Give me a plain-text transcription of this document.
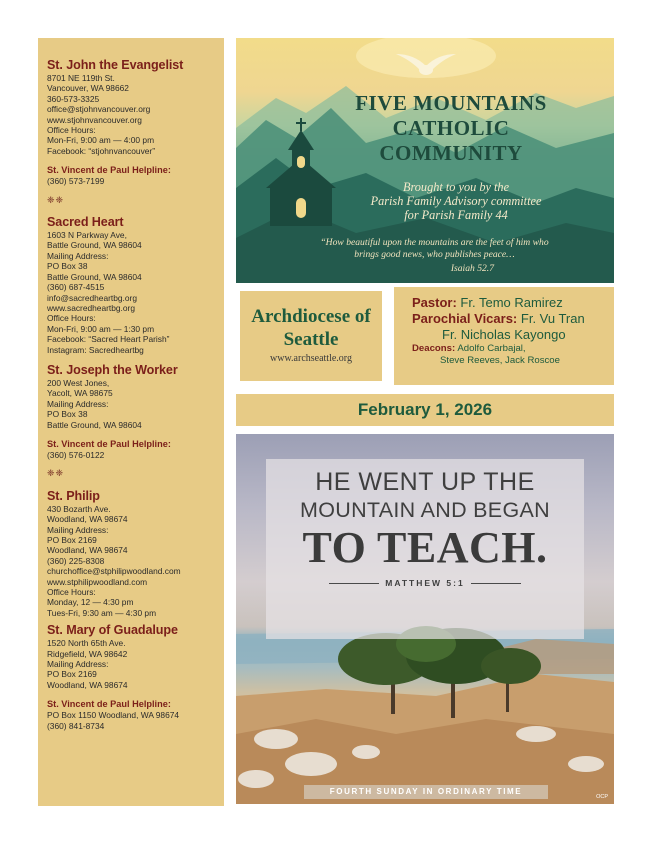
St. John the Evangelist
8701 NE 119th St.
Vancouver, WA 98662
360-573-3325
office@stjohnvancouver.org
www.stjohnvancouver.org
Office Hours:
Mon-Fri, 9:00 am — 4:00 pm
Facebook: “stjohnvancouver”
St. Vincent de Paul Helpline:
(360) 573-7199
❈❈
Sacred Heart
1603 N Parkway Ave,
Battle Ground, WA 98604
Mailing Address:
PO Box 38
Battle Ground, WA 98604
(360) 687-4515
info@sacredheartbg.org
www.sacredheartbg.org
Office Hours:
Mon-Fri, 9:00 am — 1:30 pm
Facebook: “Sacred Heart Parish”
Instagram: Sacredheartbg
St. Joseph the Worker
200 West Jones,
Yacolt, WA 98675
Mailing Address:
PO Box 38
Battle Ground, WA 98604
St. Vincent de Paul Helpline:
(360) 576-0122
❈❈
St. Philip
430 Bozarth Ave.
Woodland, WA 98674
Mailing Address:
PO Box 2169
Woodland, WA 98674
(360) 225-8308
churchoffice@stphilipwoodland.com
www.stphilipwoodland.com
Office Hours:
Monday, 12 — 4:30 pm
Tues-Fri, 9:30 am — 4:30 pm
St. Mary of Guadalupe
1520 North 65th Ave.
Ridgefield, WA 98642
Mailing Address:
PO Box 2169
Woodland, WA 98674
St. Vincent de Paul Helpline:
PO Box 1150 Woodland, WA 98674
(360) 841-8734
FIVE MOUNTAINS
CATHOLIC
COMMUNITY
Brought to you by the
Parish Family Advisory committee
for Parish Family 44
“How beautiful upon the mountains are the feet of him who
brings good news, who publishes peace…
Isaiah 52.7
Archdiocese of
Seattle
www.archseattle.org
Pastor: Fr. Temo Ramirez
Parochial Vicars: Fr. Vu Tran
Fr. Nicholas Kayongo
Deacons: Adolfo Carbajal,
Steve Reeves, Jack Roscoe
February 1, 2026
HE WENT UP THE
MOUNTAIN AND BEGAN
TO TEACH.
MATTHEW 5:1
FOURTH SUNDAY IN ORDINARY TIME
OCP
